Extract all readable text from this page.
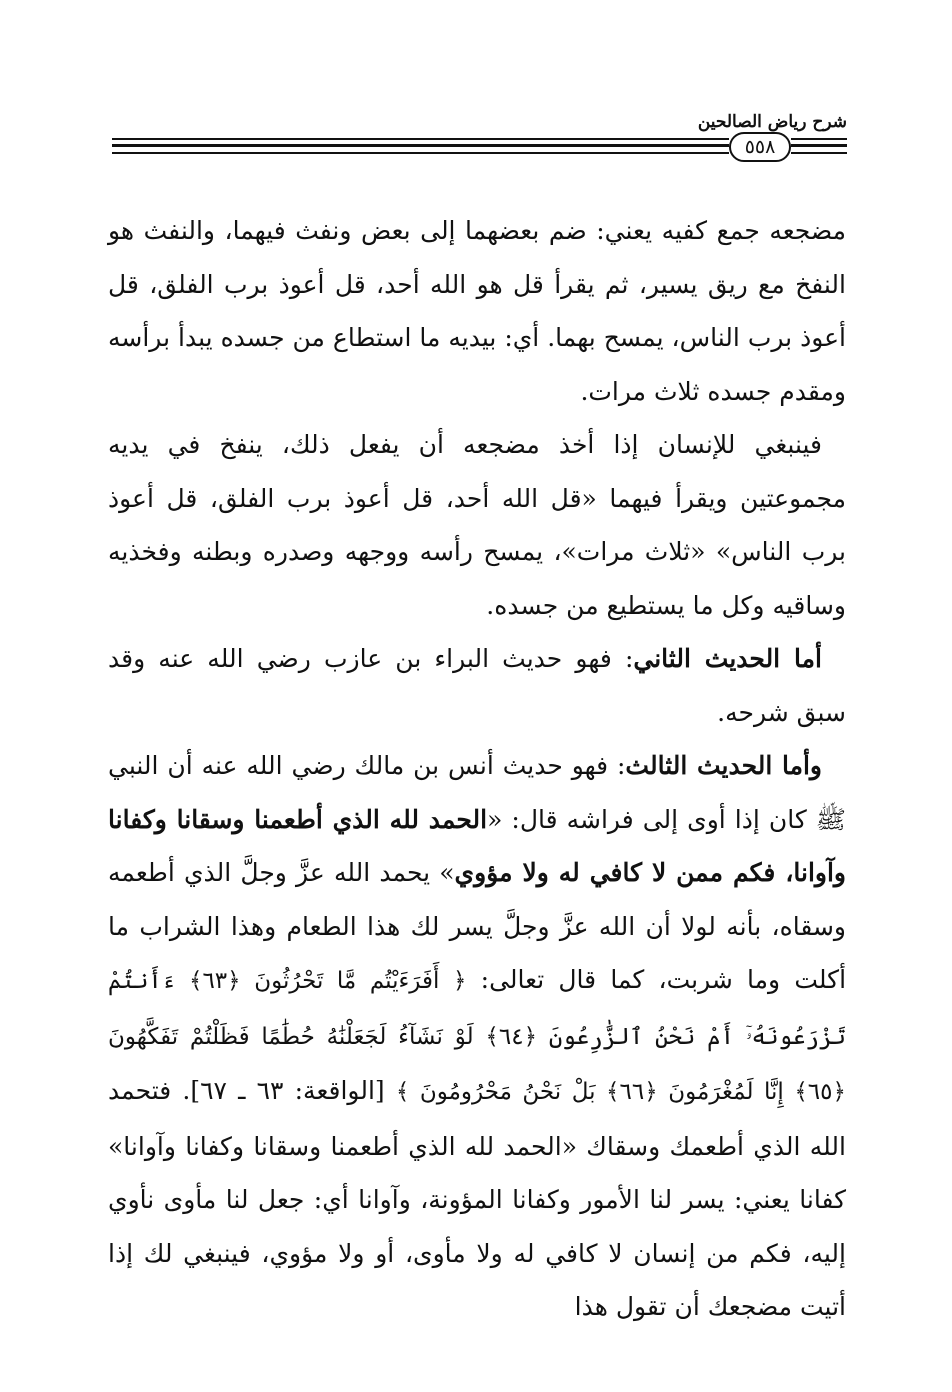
شرح رياض الصالحين
٥٥٨

مضجعه جمع كفيه يعني: ضم بعضهما إلى بعض ونفث فيهما، والنفث هو النفخ مع ريق يسير، ثم يقرأ قل هو الله أحد، قل أعوذ برب الفلق، قل أعوذ برب الناس، يمسح بهما. أي: بيديه ما استطاع من جسده يبدأ برأسه ومقدم جسده ثلاث مرات.

فينبغي للإنسان إذا أخذ مضجعه أن يفعل ذلك، ينفخ في يديه مجموعتين ويقرأ فيهما «قل الله أحد، قل أعوذ برب الفلق، قل أعوذ برب الناس» «ثلاث مرات»، يمسح رأسه ووجهه وصدره وبطنه وفخذيه وساقيه وكل ما يستطيع من جسده.

أما الحديث الثاني: فهو حديث البراء بن عازب رضي الله عنه وقد سبق شرحه.

وأما الحديث الثالث: فهو حديث أنس بن مالك رضي الله عنه أن النبي ﷺ كان إذا أوى إلى فراشه قال: «الحمد لله الذي أطعمنا وسقانا وكفانا وآوانا، فكم ممن لا كافي له ولا مؤوي» يحمد الله عزَّ وجلَّ الذي أطعمه وسقاه، بأنه لولا أن الله عزَّ وجلَّ يسر لك هذا الطعام وهذا الشراب ما أكلت وما شربت، كما قال تعالى: ﴿ أَفَرَءَيْتُم مَّا تَحْرُثُونَ ﴿٦٣﴾ ءَأَنتُمْ تَزْرَعُونَهُۥٓ أَمْ نَحْنُ ٱلزَّٰرِعُونَ ﴿٦٤﴾ لَوْ نَشَآءُ لَجَعَلْنَٰهُ حُطَٰمًا فَظَلْتُمْ تَفَكَّهُونَ ﴿٦٥﴾ إِنَّا لَمُغْرَمُونَ ﴿٦٦﴾ بَلْ نَحْنُ مَحْرُومُونَ ﴾ [الواقعة: ٦٣ ـ ٦٧]. فتحمد الله الذي أطعمك وسقاك «الحمد لله الذي أطعمنا وسقانا وكفانا وآوانا» كفانا يعني: يسر لنا الأمور وكفانا المؤونة، وآوانا أي: جعل لنا مأوى نأوي إليه، فكم من إنسان لا كافي له ولا مأوى، أو ولا مؤوي، فينبغي لك إذا أتيت مضجعك أن تقول هذا
